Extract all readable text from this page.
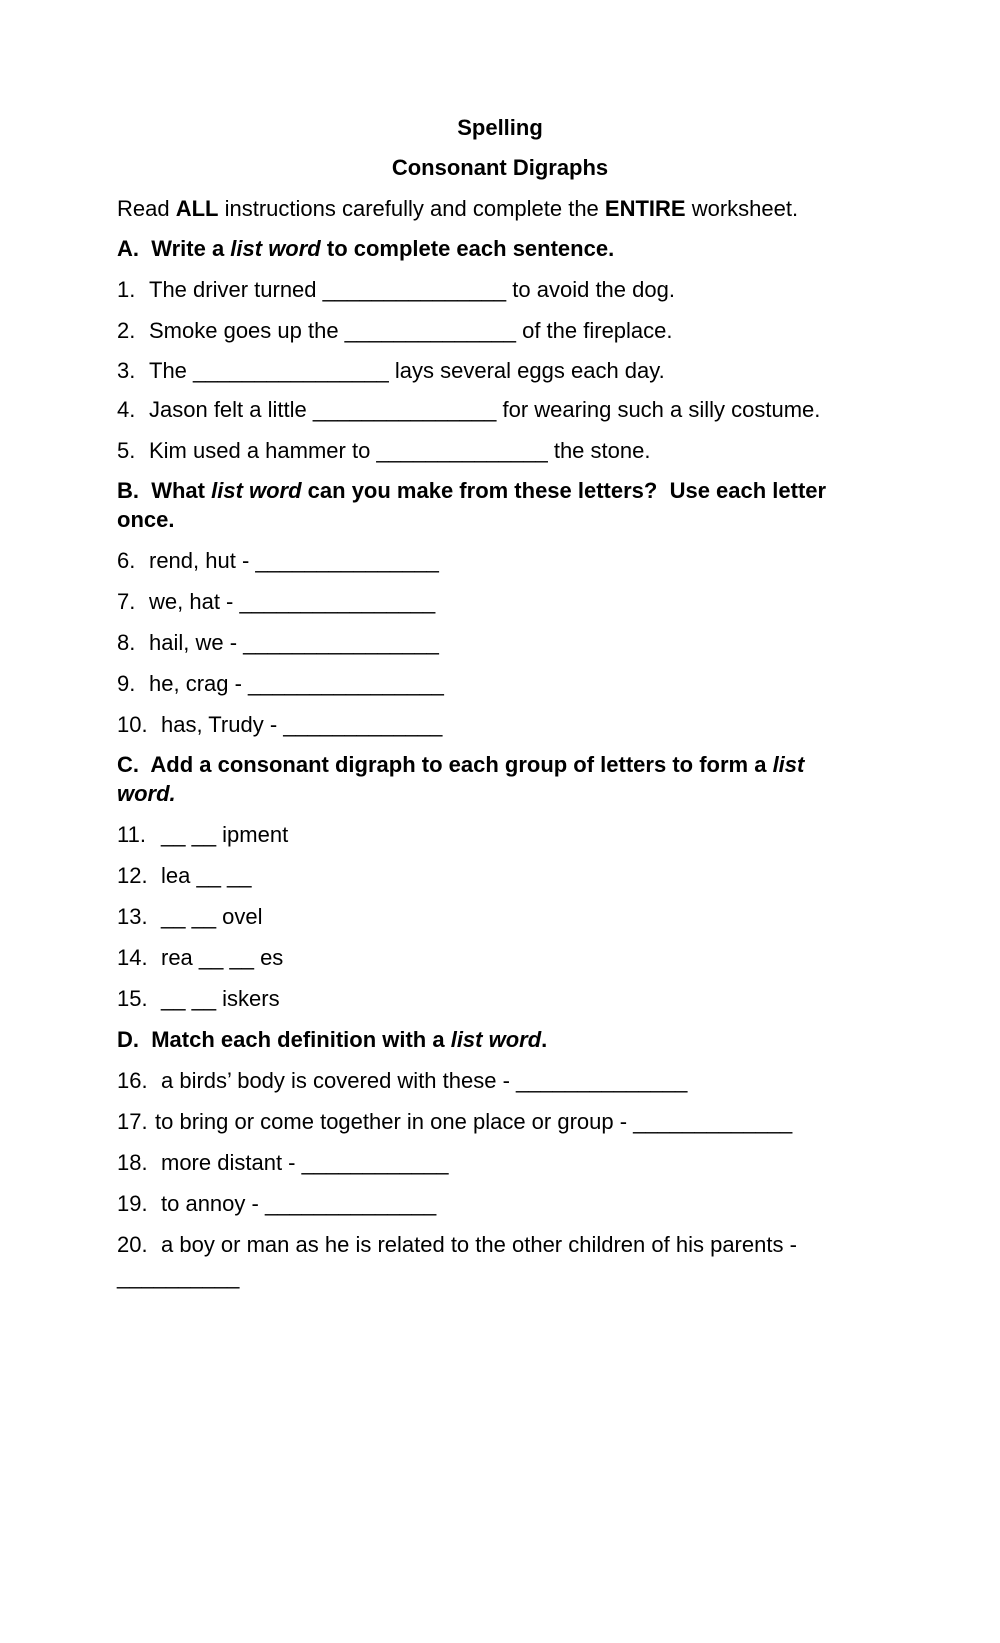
Spelling
Consonant Digraphs
Read ALL instructions carefully and complete the ENTIRE worksheet.
A.  Write a list word to complete each sentence.
1. The driver turned _______________ to avoid the dog.
2. Smoke goes up the ______________ of the fireplace.
3. The ________________ lays several eggs each day.
4. Jason felt a little _______________ for wearing such a silly costume.
5. Kim used a hammer to ______________ the stone.
B.  What list word can you make from these letters?  Use each letter
once.
6. rend, hut - _______________
7. we, hat - ________________
8. hail, we - ________________
9. he, crag - ________________
10. has, Trudy - _____________
C.  Add a consonant digraph to each group of letters to form a list
word.
11. __ __ ipment
12. lea __ __
13. __ __ ovel
14. rea __ __ es
15. __ __ iskers
D.  Match each definition with a list word.
16. a birds’ body is covered with these - ______________
17. to bring or come together in one place or group - _____________
18. more distant - ____________
19. to annoy - ______________
20. a boy or man as he is related to the other children of his parents -
__________
